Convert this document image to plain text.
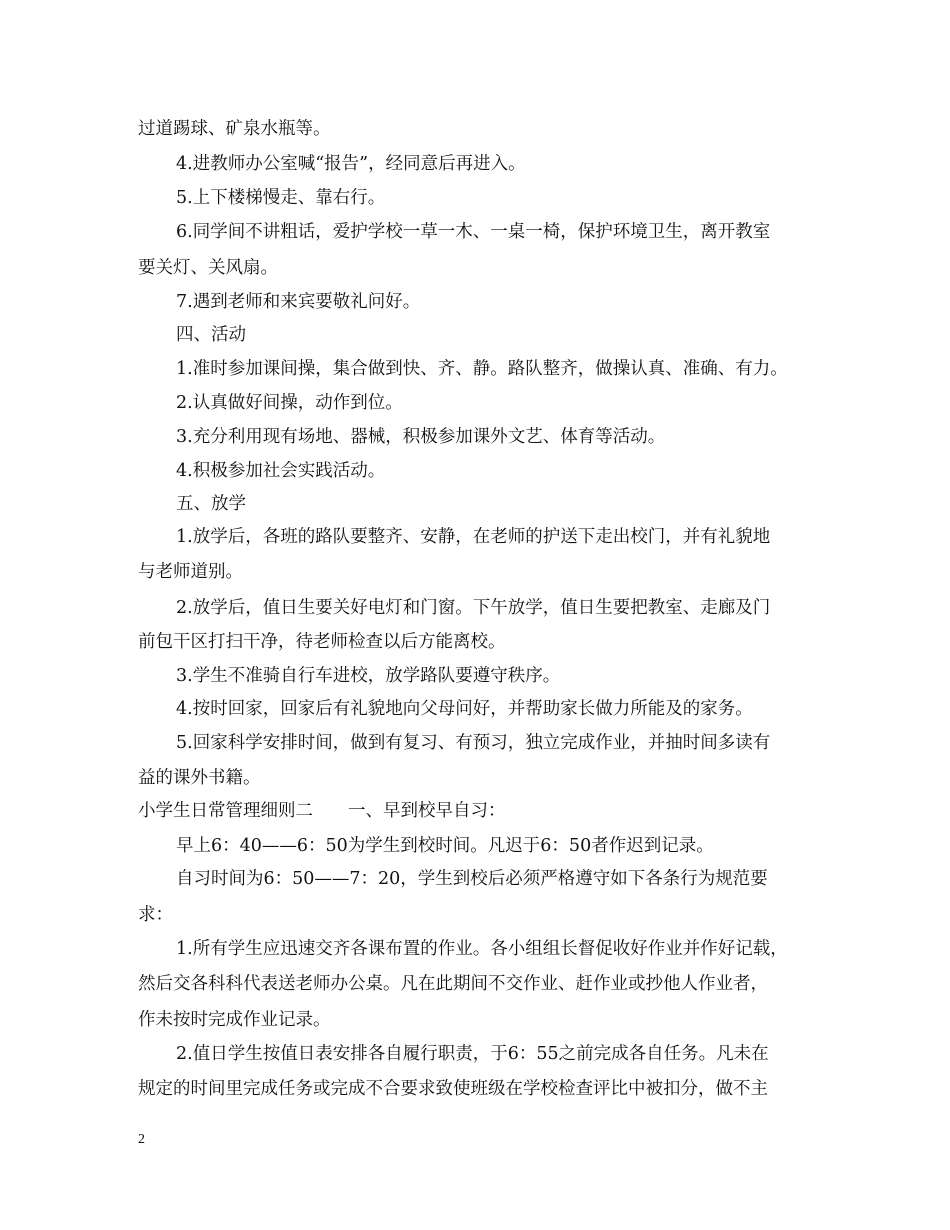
过道踢球、矿泉水瓶等。
4.进教师办公室喊“报告”，经同意后再进入。
5.上下楼梯慢走、靠右行。
6.同学间不讲粗话，爱护学校一草一木、一桌一椅，保护环境卫生，离开教室
要关灯、关风扇。
7.遇到老师和来宾要敬礼问好。
四、活动
1.准时参加课间操，集合做到快、齐、静。路队整齐，做操认真、准确、有力。
2.认真做好间操，动作到位。
3.充分利用现有场地、器械，积极参加课外文艺、体育等活动。
4.积极参加社会实践活动。
五、放学
1.放学后，各班的路队要整齐、安静，在老师的护送下走出校门，并有礼貌地
与老师道别。
2.放学后，值日生要关好电灯和门窗。下午放学，值日生要把教室、走廊及门
前包干区打扫干净，待老师检查以后方能离校。
3.学生不准骑自行车进校，放学路队要遵守秩序。
4.按时回家，回家后有礼貌地向父母问好，并帮助家长做力所能及的家务。
5.回家科学安排时间，做到有复习、有预习，独立完成作业，并抽时间多读有
益的课外书籍。
小学生日常管理细则二　　一、早到校早自习：
早上6：40——6：50为学生到校时间。凡迟于6：50者作迟到记录。
自习时间为6：50——7：20，学生到校后必须严格遵守如下各条行为规范要
求：
1.所有学生应迅速交齐各课布置的作业。各小组组长督促收好作业并作好记载，
然后交各科科代表送老师办公桌。凡在此期间不交作业、赶作业或抄他人作业者，
作未按时完成作业记录。
2.值日学生按值日表安排各自履行职责，于6：55之前完成各自任务。凡未在
规定的时间里完成任务或完成不合要求致使班级在学校检查评比中被扣分，做不主
2
